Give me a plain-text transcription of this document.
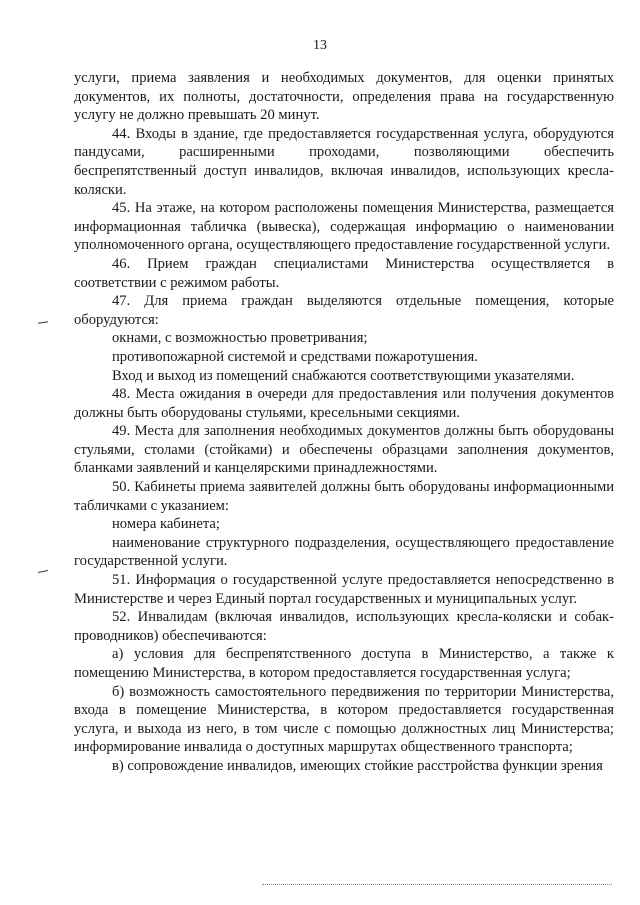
13

услуги, приема заявления и необходимых документов, для оценки принятых документов, их полноты, достаточности, определения права на государственную услугу не должно превышать 20 минут.

44. Входы в здание, где предоставляется государственная услуга, оборудуются пандусами, расширенными проходами, позволяющими обеспечить беспрепятственный доступ инвалидов, включая инвалидов, использующих кресла-коляски.

45. На этаже, на котором расположены помещения Министерства, размещается информационная табличка (вывеска), содержащая информацию о наименовании уполномоченного органа, осуществляющего предоставление государственной услуги.

46. Прием граждан специалистами Министерства осуществляется в соответствии с режимом работы.

47. Для приема граждан выделяются отдельные помещения, которые оборудуются:

окнами, с возможностью проветривания;

противопожарной системой и средствами пожаротушения.

Вход и выход из помещений снабжаются соответствующими указателями.

48. Места ожидания в очереди для предоставления или получения документов должны быть оборудованы стульями, кресельными секциями.

49. Места для заполнения необходимых документов должны быть оборудованы стульями, столами (стойками) и обеспечены образцами заполнения документов, бланками заявлений и канцелярскими принадлежностями.

50. Кабинеты приема заявителей должны быть оборудованы информационными табличками с указанием:

номера кабинета;

наименование структурного подразделения, осуществляющего предоставление государственной услуги.

51. Информация о государственной услуге предоставляется непосредственно в Министерстве и через Единый портал государственных и муниципальных услуг.

52. Инвалидам (включая инвалидов, использующих кресла-коляски и собак-проводников) обеспечиваются:

а) условия для беспрепятственного доступа в Министерство, а также к помещению Министерства, в котором предоставляется государственная услуга;

б) возможность самостоятельного передвижения по территории Министерства, входа в помещение Министерства, в котором предоставляется государственная услуга, и выхода из него, в том числе с помощью должностных лиц Министерства; информирование инвалида о доступных маршрутах общественного транспорта;

в) сопровождение инвалидов, имеющих стойкие расстройства функции зрения
